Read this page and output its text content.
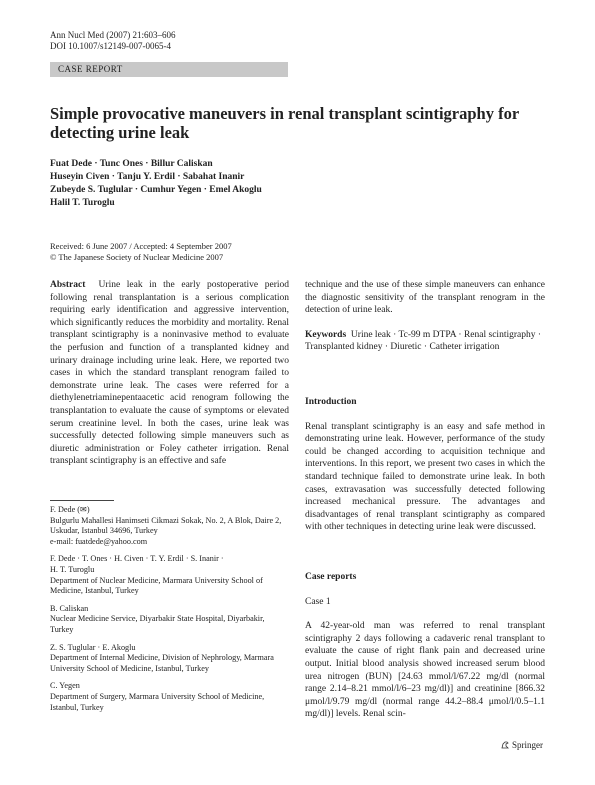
Ann Nucl Med (2007) 21:603–606
DOI 10.1007/s12149-007-0065-4
CASE REPORT
Simple provocative maneuvers in renal transplant scintigraphy for
detecting urine leak
Fuat Dede · Tunc Ones · Billur Caliskan
Huseyin Civen · Tanju Y. Erdil · Sabahat Inanir
Zubeyde S. Tuglular · Cumhur Yegen · Emel Akoglu
Halil T. Turoglu
Received: 6 June 2007 / Accepted: 4 September 2007
© The Japanese Society of Nuclear Medicine 2007

Abstract Urine leak in the early postoperative period following renal transplantation is a serious complication requiring early identification and aggressive intervention, which significantly reduces the morbidity and mortality. Renal transplant scintigraphy is a noninvasive method to evaluate the perfusion and function of a transplanted kidney and urinary drainage including urine leak. Here, we reported two cases in which the standard transplant renogram failed to demonstrate urine leak. The cases were referred for a diethylenetriaminepentaacetic acid renogram following the transplantation to evaluate the cause of symptoms or elevated serum creatinine level. In both the cases, urine leak was successfully detected following simple maneuvers such as diuretic administration or Foley catheter irrigation. Renal transplant scintigraphy is an effective and safe

F. Dede (✉)
Bulgurlu Mahallesi Hanimseti Cikmazi Sokak, No. 2, A Blok, Daire 2, Uskudar, Istanbul 34696, Turkey
e-mail: fuatdede@yahoo.com

F. Dede · T. Ones · H. Civen · T. Y. Erdil · S. Inanir ·
H. T. Turoglu
Department of Nuclear Medicine, Marmara University School of Medicine, Istanbul, Turkey

B. Caliskan
Nuclear Medicine Service, Diyarbakir State Hospital, Diyarbakir, Turkey

Z. S. Tuglular · E. Akoglu
Department of Internal Medicine, Division of Nephrology, Marmara University School of Medicine, Istanbul, Turkey

C. Yegen
Department of Surgery, Marmara University School of Medicine, Istanbul, Turkey

technique and the use of these simple maneuvers can enhance the diagnostic sensitivity of the transplant renogram in the detection of urine leak.

Keywords Urine leak · Tc-99 m DTPA · Renal scintigraphy · Transplanted kidney · Diuretic · Catheter irrigation

Introduction

Renal transplant scintigraphy is an easy and safe method in demonstrating urine leak. However, performance of the study could be changed according to acquisition technique and interventions. In this report, we present two cases in which the standard technique failed to demonstrate urine leak. In both cases, extravasation was successfully detected following increased mechanical pressure. The advantages and disadvantages of renal transplant scintigraphy as compared with other techniques in detecting urine leak were discussed.

Case reports
Case 1

A 42-year-old man was referred to renal transplant scintigraphy 2 days following a cadaveric renal transplant to evaluate the cause of right flank pain and decreased urine output. Initial blood analysis showed increased serum blood urea nitrogen (BUN) [24.63 mmol/l/67.22 mg/dl (normal range 2.14–8.21 mmol/l/6–23 mg/dl)] and creatinine [866.32 μmol/l/9.79 mg/dl (normal range 44.2–88.4 μmol/l/0.5–1.1 mg/dl)] levels. Renal scin-

Springer
